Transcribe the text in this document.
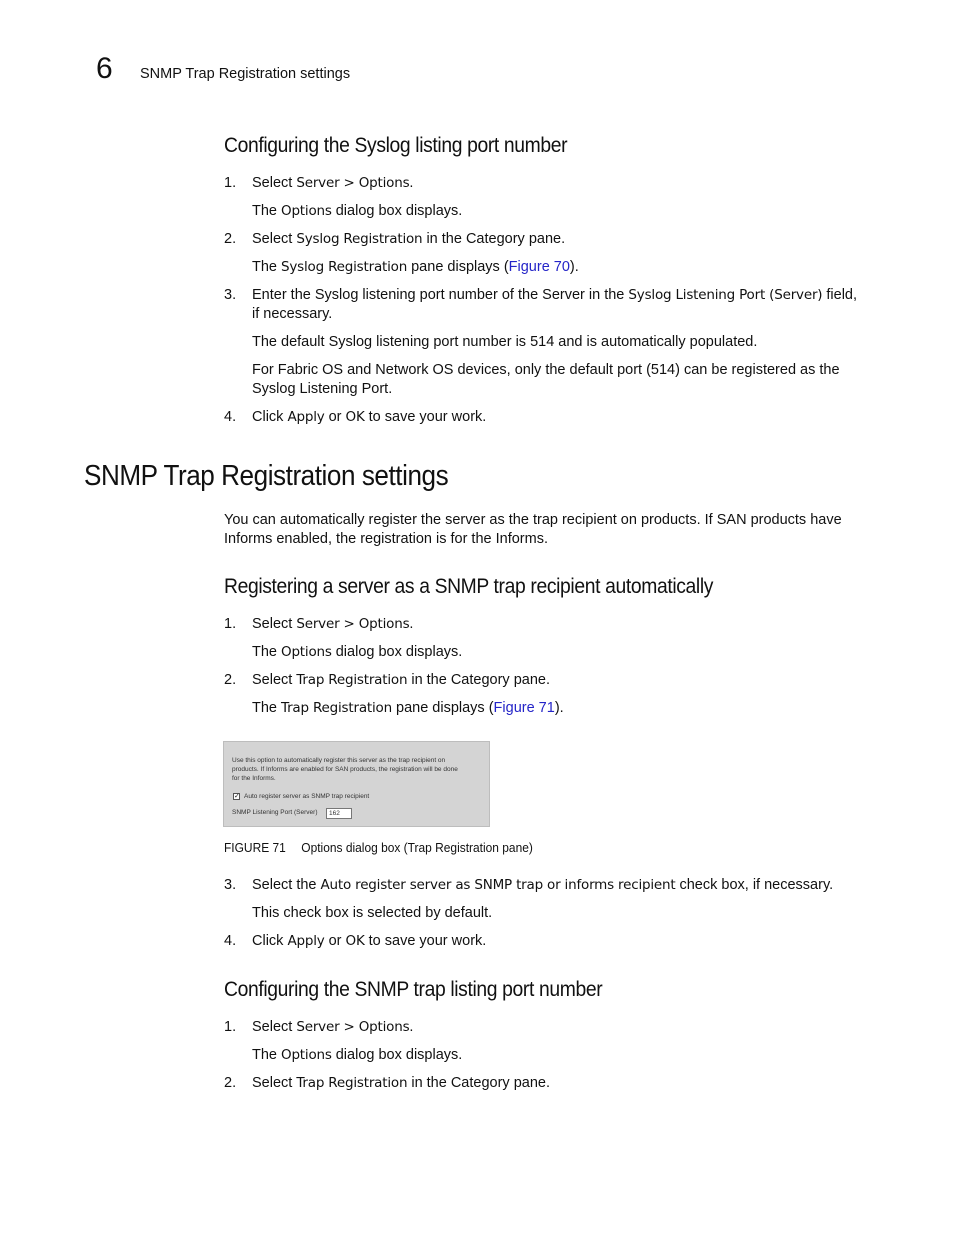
6 SNMP Trap Registration settings
Configuring the Syslog listing port number
1. Select Server > Options.
The Options dialog box displays.
2. Select Syslog Registration in the Category pane.
The Syslog Registration pane displays (Figure 70).
3. Enter the Syslog listening port number of the Server in the Syslog Listening Port (Server) field,
if necessary.
The default Syslog listening port number is 514 and is automatically populated.
For Fabric OS and Network OS devices, only the default port (514) can be registered as the
Syslog Listening Port.
4. Click Apply or OK to save your work.
SNMP Trap Registration settings
You can automatically register the server as the trap recipient on products. If SAN products have
Informs enabled, the registration is for the Informs.
Registering a server as a SNMP trap recipient automatically
1. Select Server > Options.
The Options dialog box displays.
2. Select Trap Registration in the Category pane.
The Trap Registration pane displays (Figure 71).
Use this option to automatically register this server as the trap recipient on
products. If Informs are enabled for SAN products, the registration will be done
for the Informs.
✓ Auto register server as SNMP trap recipient
SNMP Listening Port (Server)	162
FIGURE 71 Options dialog box (Trap Registration pane)
3. Select the Auto register server as SNMP trap or informs recipient check box, if necessary.
This check box is selected by default.
4. Click Apply or OK to save your work.
Configuring the SNMP trap listing port number
1. Select Server > Options.
The Options dialog box displays.
2. Select Trap Registration in the Category pane.
